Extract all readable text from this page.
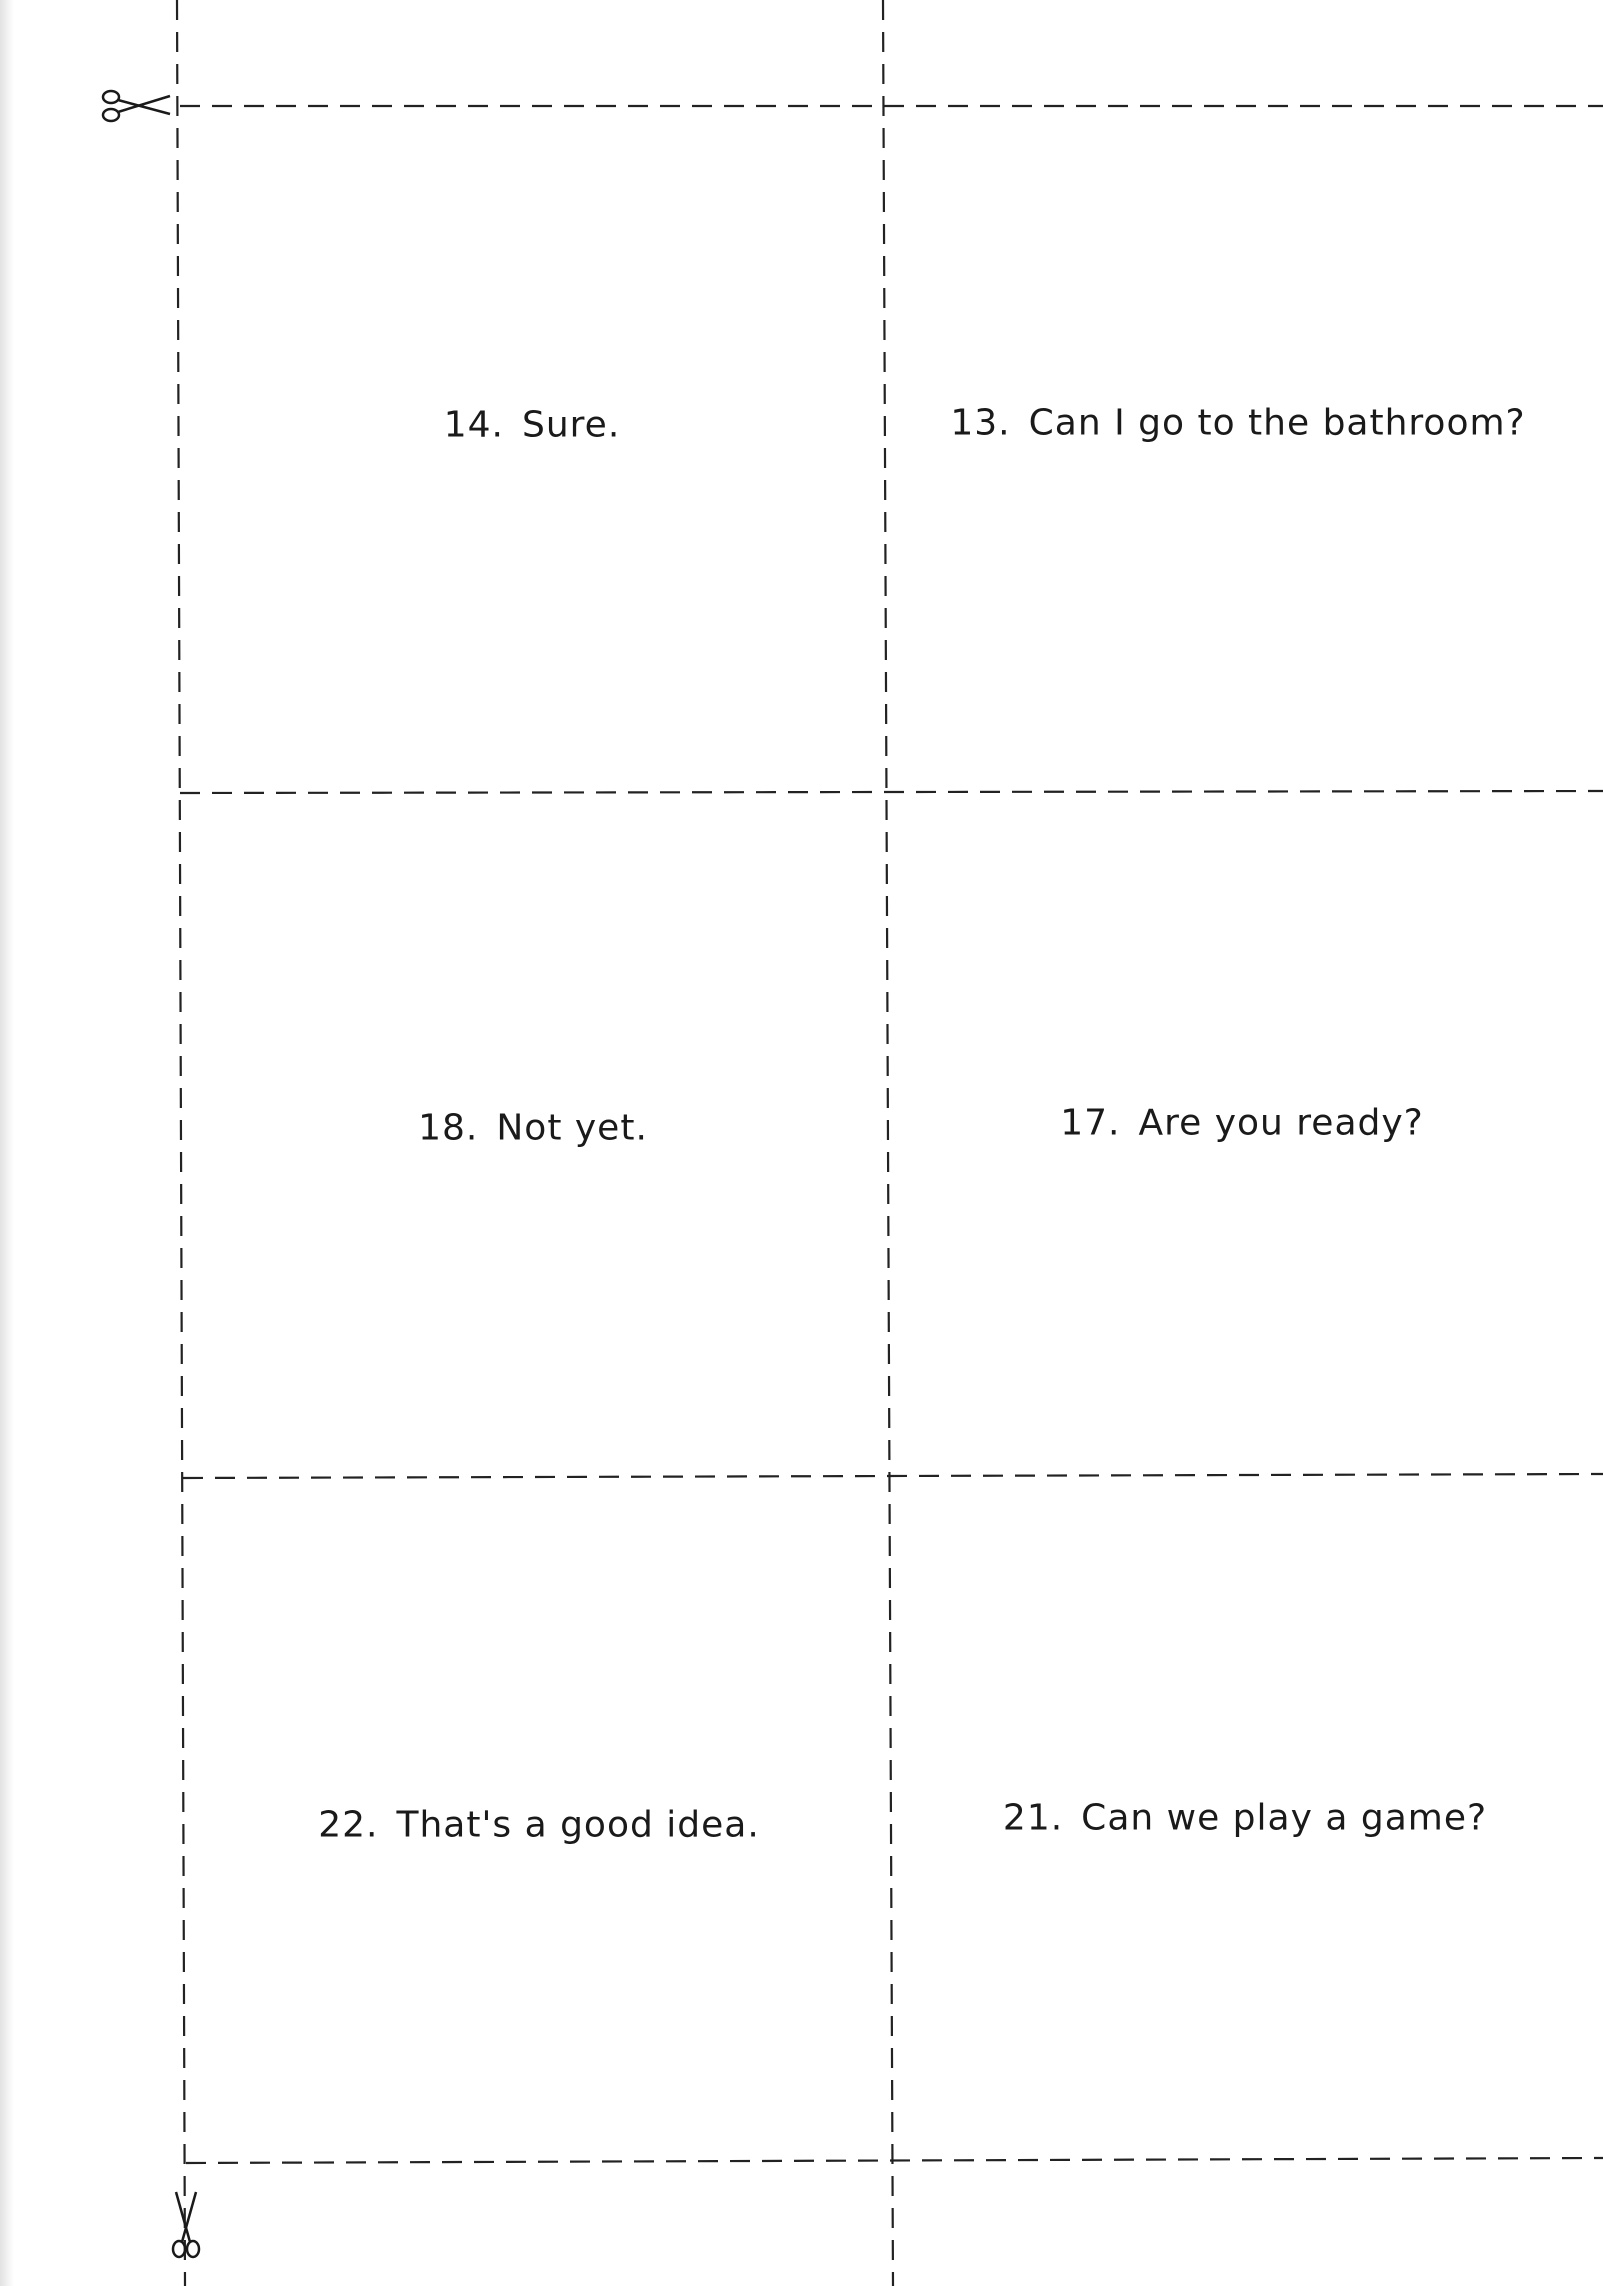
14. Sure.	13. Can I go to the bathroom?
18. Not yet.	17. Are you ready?
22. That's a good idea.	21. Can we play a game?
